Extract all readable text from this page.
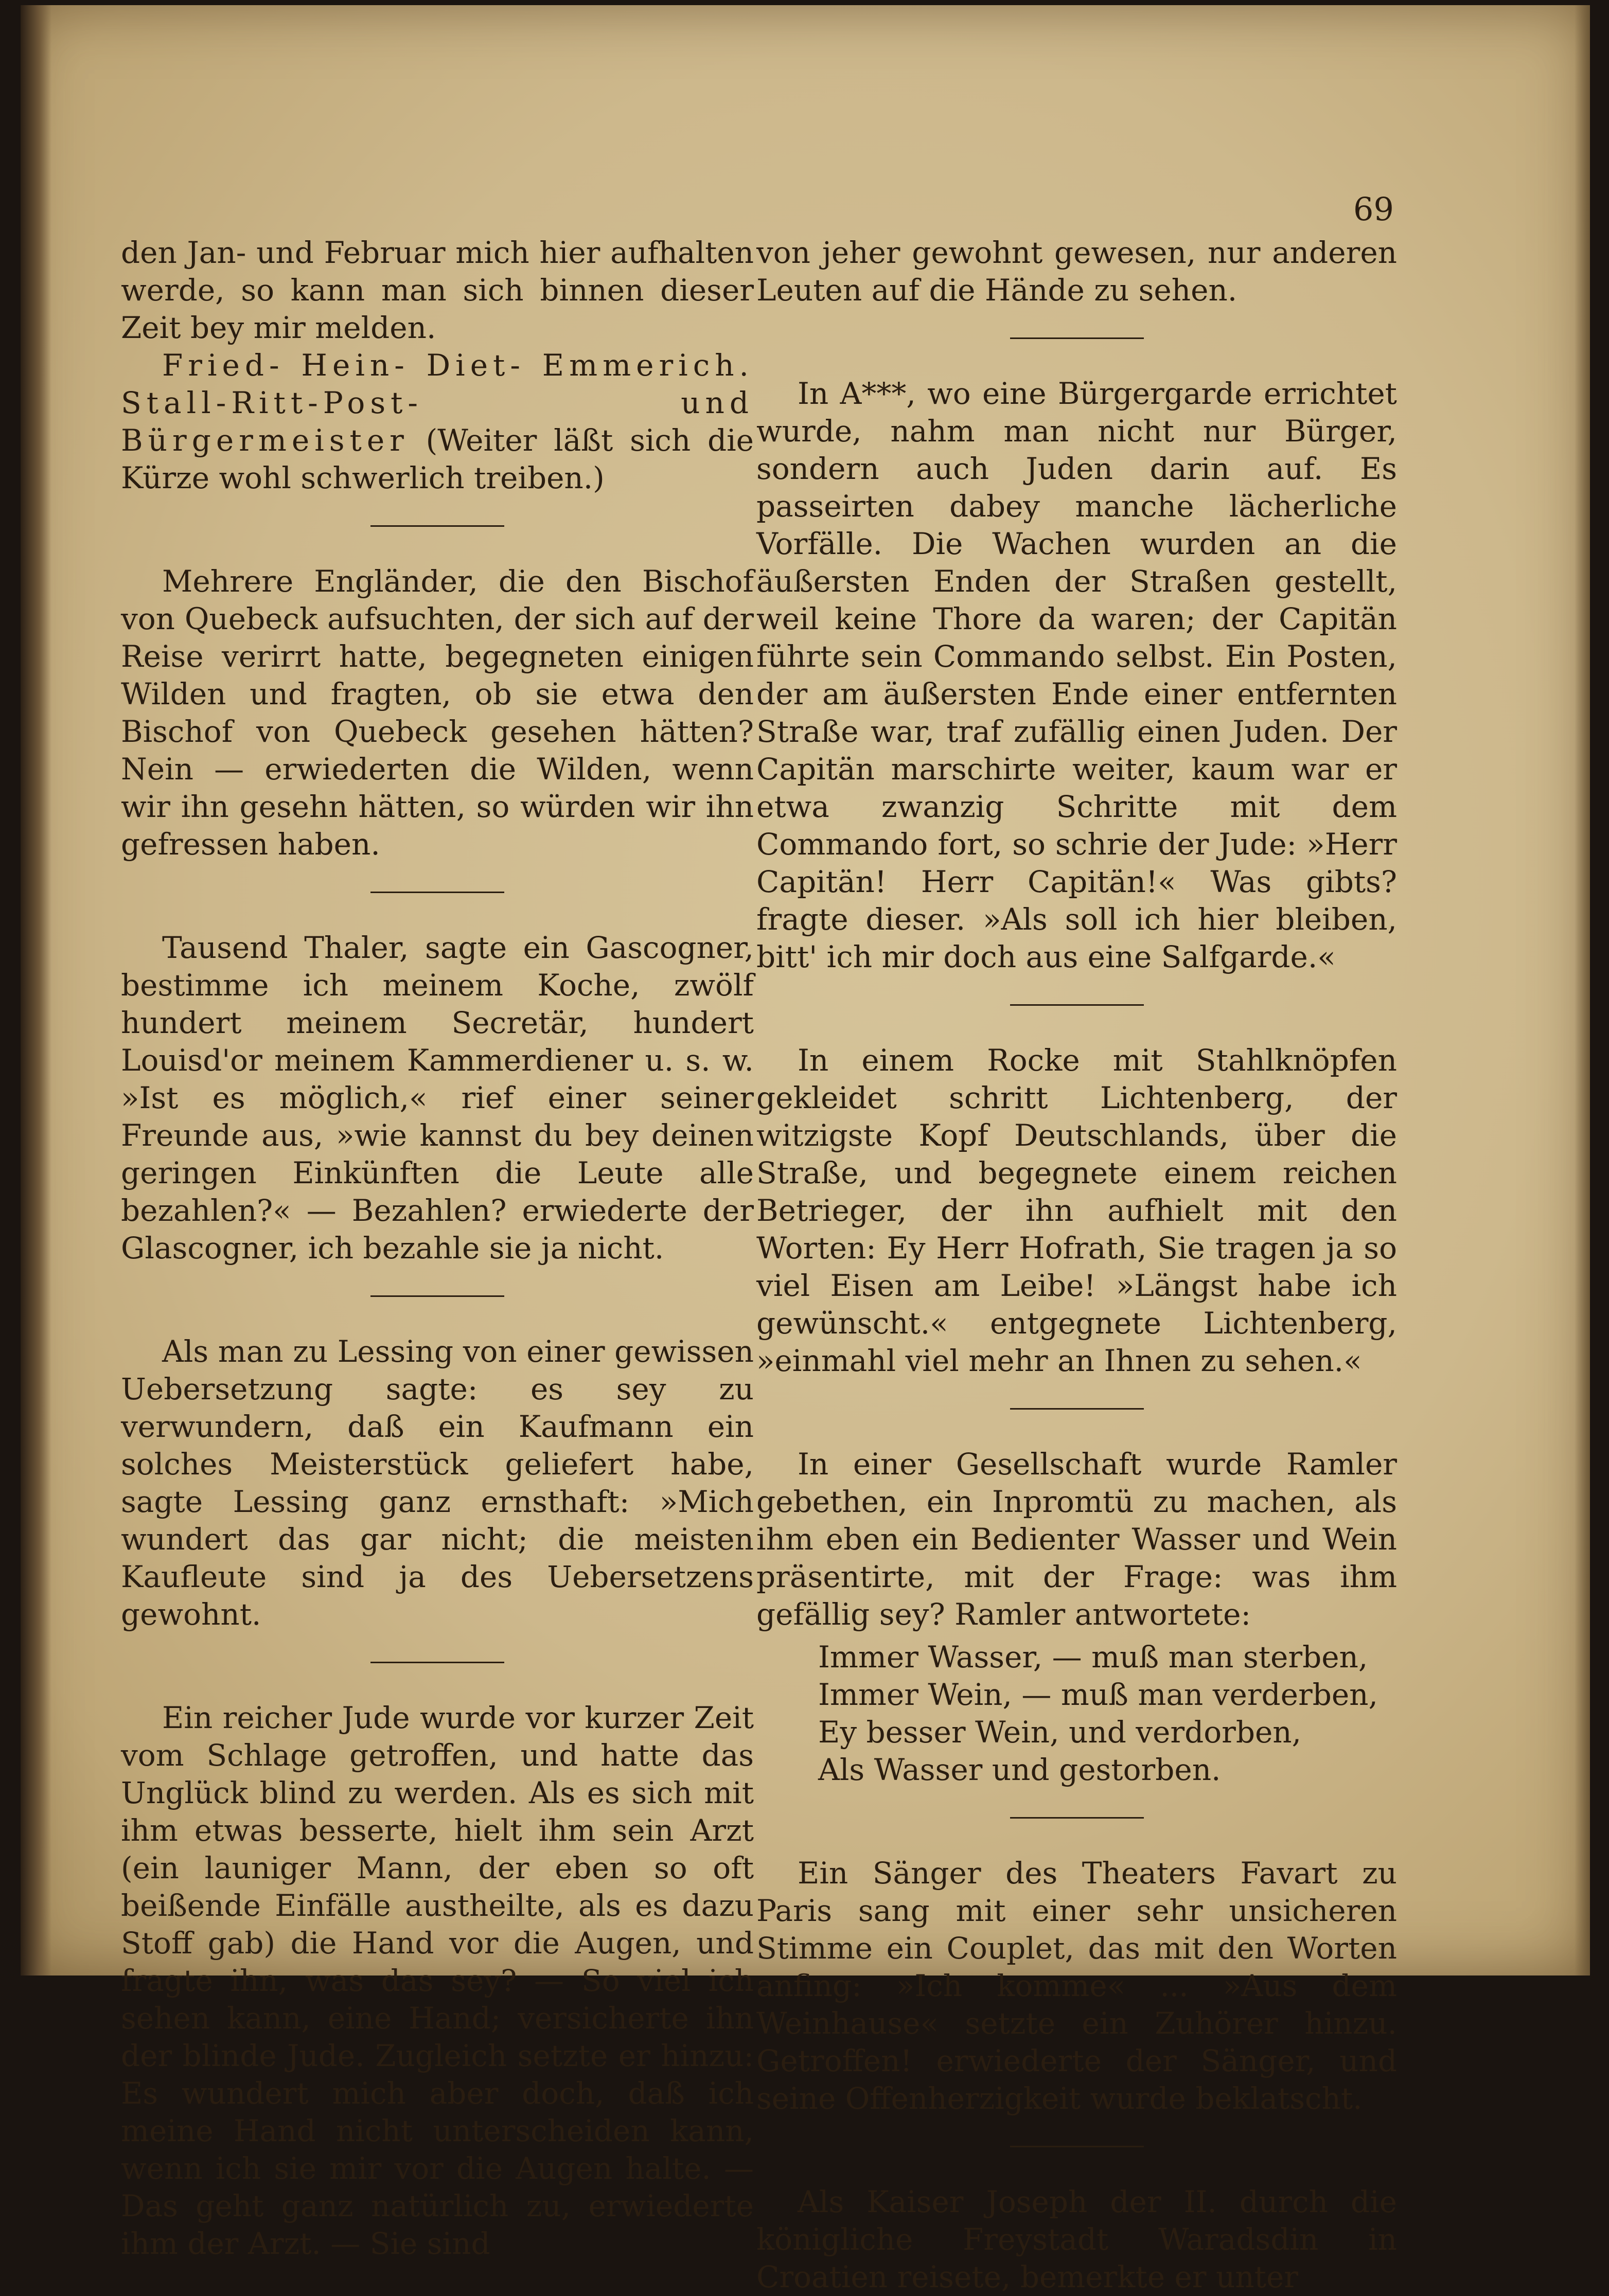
69

den Jan- und Februar mich hier aufhalten werde, so kann man sich binnen dieser Zeit bey mir melden.

Fried- Hein- Diet- Emmerich. Stall-Ritt-Post- und Bürgermeister (Weiter läßt sich die Kürze wohl schwerlich treiben.)

Mehrere Engländer, die den Bischof von Quebeck aufsuchten, der sich auf der Reise verirrt hatte, begegneten einigen Wilden und fragten, ob sie etwa den Bischof von Quebeck gesehen hätten? Nein — erwiederten die Wilden, wenn wir ihn gesehn hätten, so würden wir ihn gefressen haben.

Tausend Thaler, sagte ein Gascogner, bestimme ich meinem Koche, zwölf hundert meinem Secretär, hundert Louisd'or meinem Kammerdiener u. s. w. »Ist es möglich,« rief einer seiner Freunde aus, »wie kannst du bey deinen geringen Einkünften die Leute alle bezahlen?« — Bezahlen? erwiederte der Glascogner, ich bezahle sie ja nicht.

Als man zu Lessing von einer gewissen Uebersetzung sagte: es sey zu verwundern, daß ein Kaufmann ein solches Meisterstück geliefert habe, sagte Lessing ganz ernsthaft: »Mich wundert das gar nicht; die meisten Kaufleute sind ja des Uebersetzens gewohnt.

Ein reicher Jude wurde vor kurzer Zeit vom Schlage getroffen, und hatte das Unglück blind zu werden. Als es sich mit ihm etwas besserte, hielt ihm sein Arzt (ein launiger Mann, der eben so oft beißende Einfälle austheilte, als es dazu Stoff gab) die Hand vor die Augen, und fragte ihn, was das sey? — So viel ich sehen kann, eine Hand; versicherte ihn der blinde Jude. Zugleich setzte er hinzu: Es wundert mich aber doch, daß ich meine Hand nicht unterscheiden kann, wenn ich sie mir vor die Augen halte. — Das geht ganz natürlich zu, erwiederte ihm der Arzt. — Sie sind

von jeher gewohnt gewesen, nur anderen Leuten auf die Hände zu sehen.

In A***, wo eine Bürgergarde errichtet wurde, nahm man nicht nur Bürger, sondern auch Juden darin auf. Es passeirten dabey manche lächerliche Vorfälle. Die Wachen wurden an die äußersten Enden der Straßen gestellt, weil keine Thore da waren; der Capitän führte sein Commando selbst. Ein Posten, der am äußersten Ende einer entfernten Straße war, traf zufällig einen Juden. Der Capitän marschirte weiter, kaum war er etwa zwanzig Schritte mit dem Commando fort, so schrie der Jude: »Herr Capitän! Herr Capitän!« Was gibts? fragte dieser. »Als soll ich hier bleiben, bitt' ich mir doch aus eine Salfgarde.«

In einem Rocke mit Stahlknöpfen gekleidet schritt Lichtenberg, der witzigste Kopf Deutschlands, über die Straße, und begegnete einem reichen Betrieger, der ihn aufhielt mit den Worten: Ey Herr Hofrath, Sie tragen ja so viel Eisen am Leibe! »Längst habe ich gewünscht.« entgegnete Lichtenberg, »einmahl viel mehr an Ihnen zu sehen.«

In einer Gesellschaft wurde Ramler gebethen, ein Inpromtü zu machen, als ihm eben ein Bedienter Wasser und Wein präsentirte, mit der Frage: was ihm gefällig sey? Ramler antwortete:

Immer Wasser, — muß man sterben,
Immer Wein, — muß man verderben,
Ey besser Wein, und verdorben,
Als Wasser und gestorben.

Ein Sänger des Theaters Favart zu Paris sang mit einer sehr unsicheren Stimme ein Couplet, das mit den Worten anfing: »Ich komme« ... »Aus dem Weinhause« setzte ein Zuhörer hinzu. Getroffen! erwiederte der Sänger, und seine Offenherzigkeit wurde beklatscht.

Als Kaiser Joseph der II. durch die königliche Freystadt Waradsdin in Croatien reisete, bemerkte er unter
